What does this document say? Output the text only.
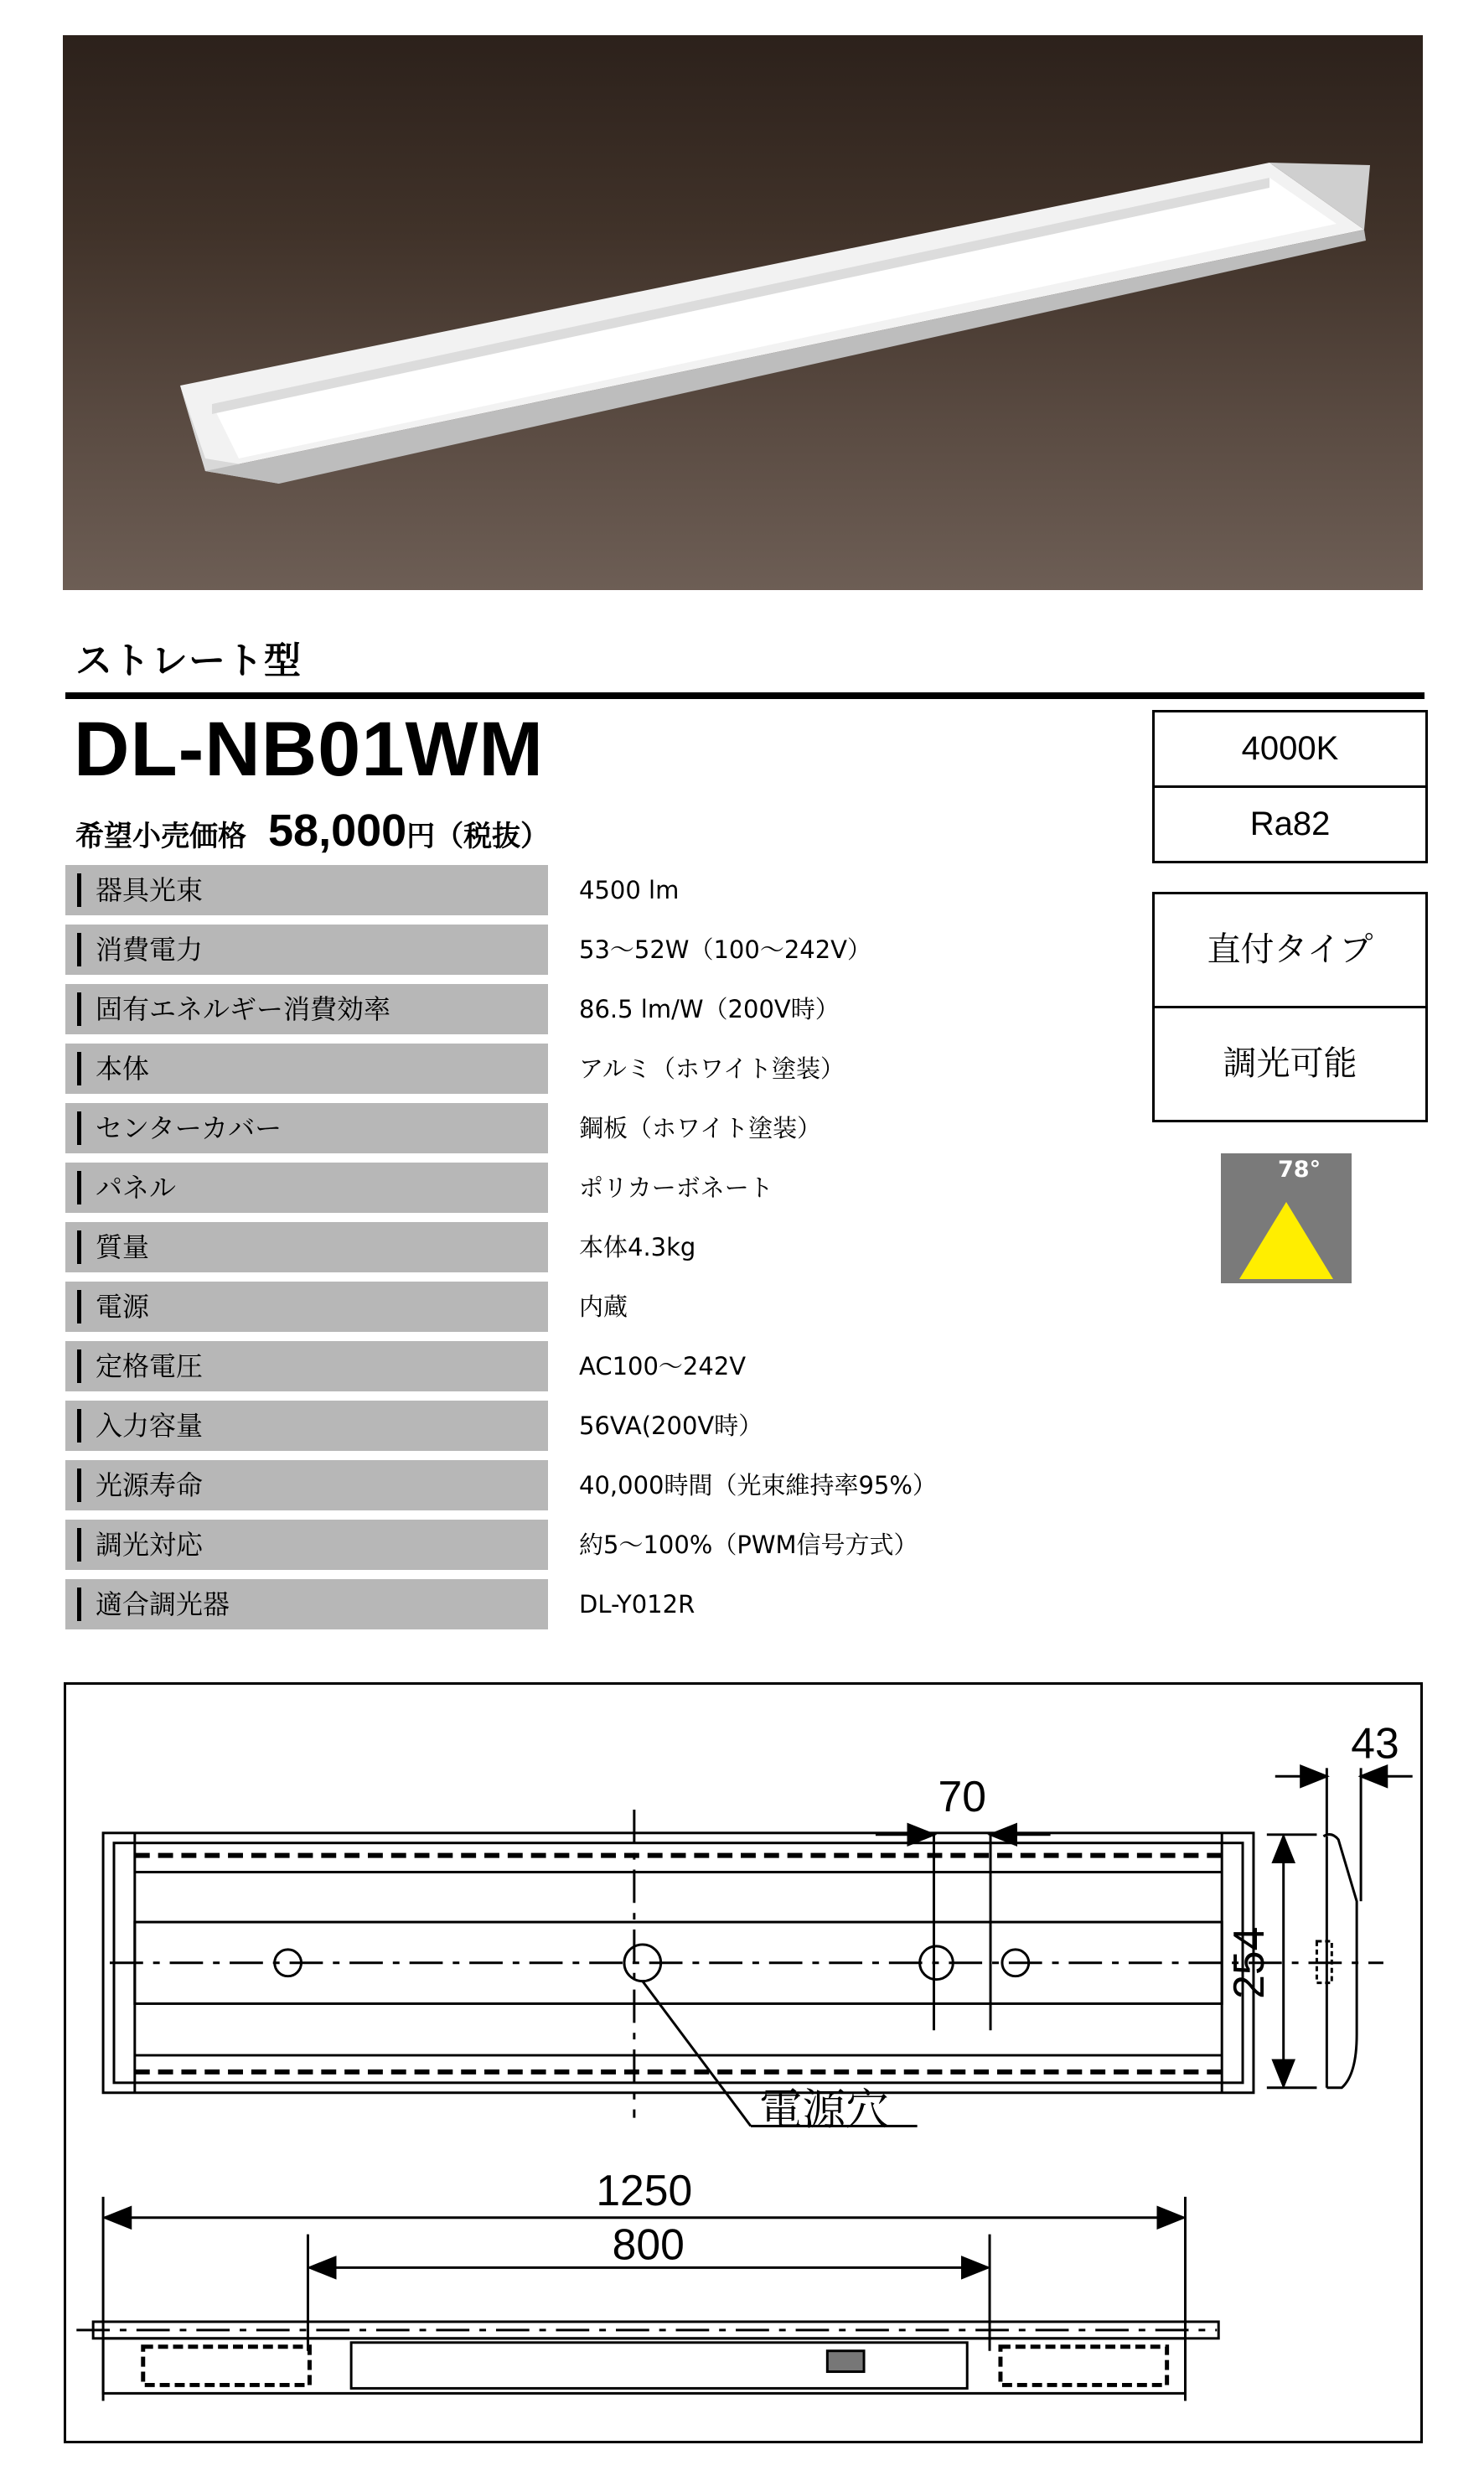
ストレート型
DL-NB01WM
希望小売価格 58,000円（税抜）
器具光束	4500 lm
消費電力	53～52W（100～242V）
固有エネルギー消費効率	86.5 lm/W（200V時）
本体	アルミ（ホワイト塗装）
センターカバー	鋼板（ホワイト塗装）
パネル	ポリカーボネート
質量	本体4.3kg
電源	内蔵
定格電圧	AC100～242V
入力容量	56VA(200V時）
光源寿命	40,000時間（光束維持率95%）
調光対応	約5～100%（PWM信号方式）
適合調光器	DL-Y012R
4000K
Ra82
直付タイプ
調光可能
78°
70
43
254
電源穴
1250
800
